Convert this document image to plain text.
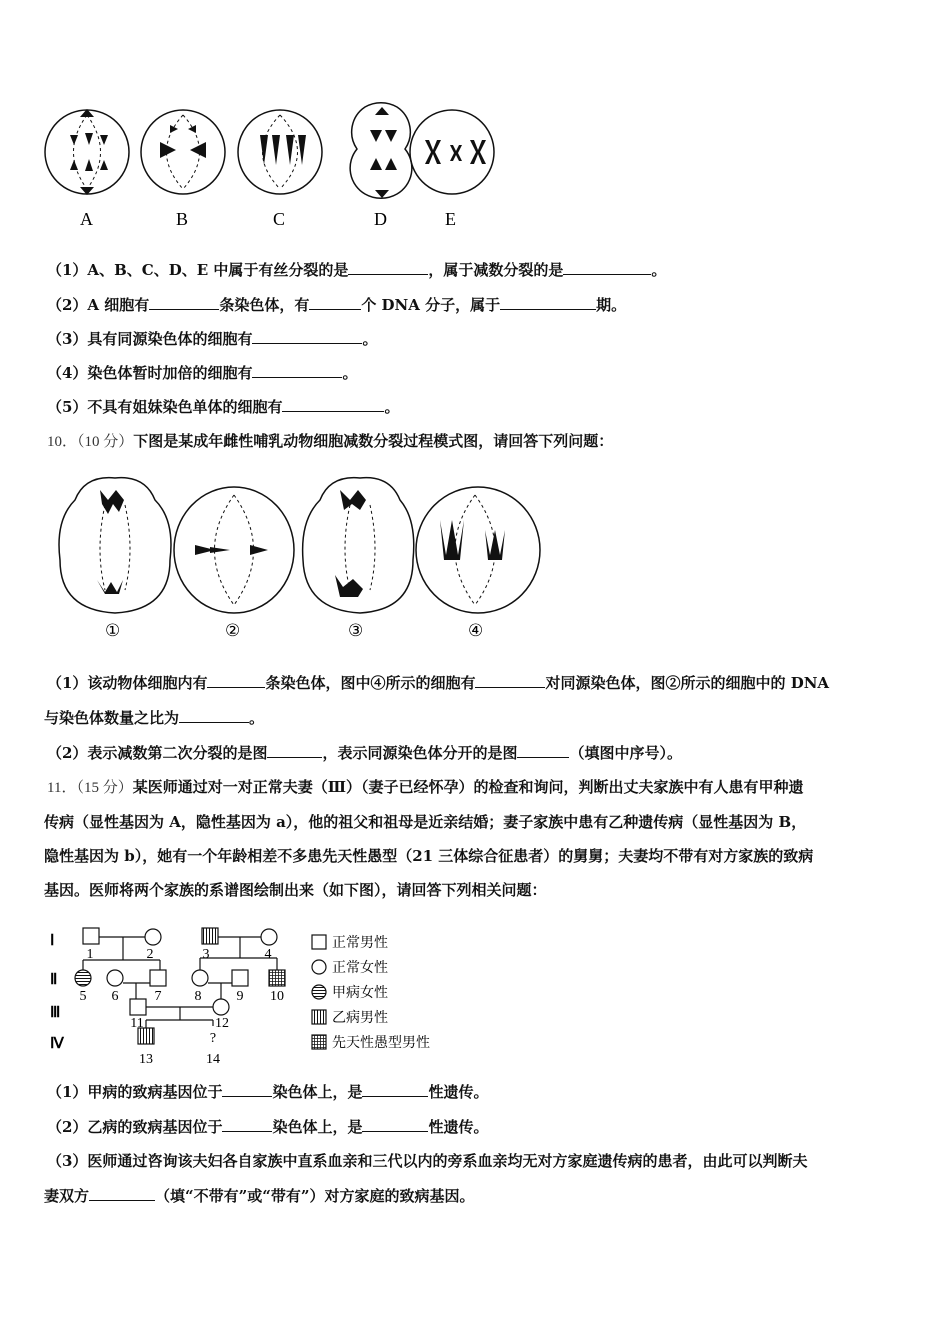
A	B	C	D	E
（1）A、B、C、D、E 中属于有丝分裂的是	，属于减数分裂的是	。
（2）A 细胞有	条染色体，有	个 DNA 分子，属于	期。
（3）具有同源染色体的细胞有	。
（4）染色体暂时加倍的细胞有	。
（5）不具有姐妹染色单体的细胞有	。
10．（10 分）下图是某成年雌性哺乳动物细胞减数分裂过程模式图，请回答下列问题：
①	②	③	④
（1）该动物体细胞内有	条染色体，图中④所示的细胞有	对同源染色体，图②所示的细胞中的 DNA
与染色体数量之比为	。
（2）表示减数第二次分裂的是图	，表示同源染色体分开的是图	（填图中序号）。
11．（15 分）某医师通过对一对正常夫妻（Ⅲ）（妻子已经怀孕）的检查和询问，判断出丈夫家族中有人患有甲种遗
传病（显性基因为 A，隐性基因为 a），他的祖父和祖母是近亲结婚；妻子家族中患有乙种遗传病（显性基因为 B，
隐性基因为 b），她有一个年龄相差不多患先天性愚型（21 三体综合征患者）的舅舅；夫妻均不带有对方家族的致病
基因。医师将两个家族的系谱图绘制出来（如下图），请回答下列相关问题：
Ⅰ
Ⅱ
Ⅲ
Ⅳ
1	2	3	4
5 6	7 8	9 10
11	12
?
13	14
正常男性
正常女性
甲病女性
乙病男性
先天性愚型男性
（1）甲病的致病基因位于	染色体上，是	性遗传。
（2）乙病的致病基因位于	染色体上，是	性遗传。
（3）医师通过咨询该夫妇各自家族中直系血亲和三代以内的旁系血亲均无对方家庭遗传病的患者，由此可以判断夫
妻双方	（填“不带有”或“带有”）对方家庭的致病基因。
